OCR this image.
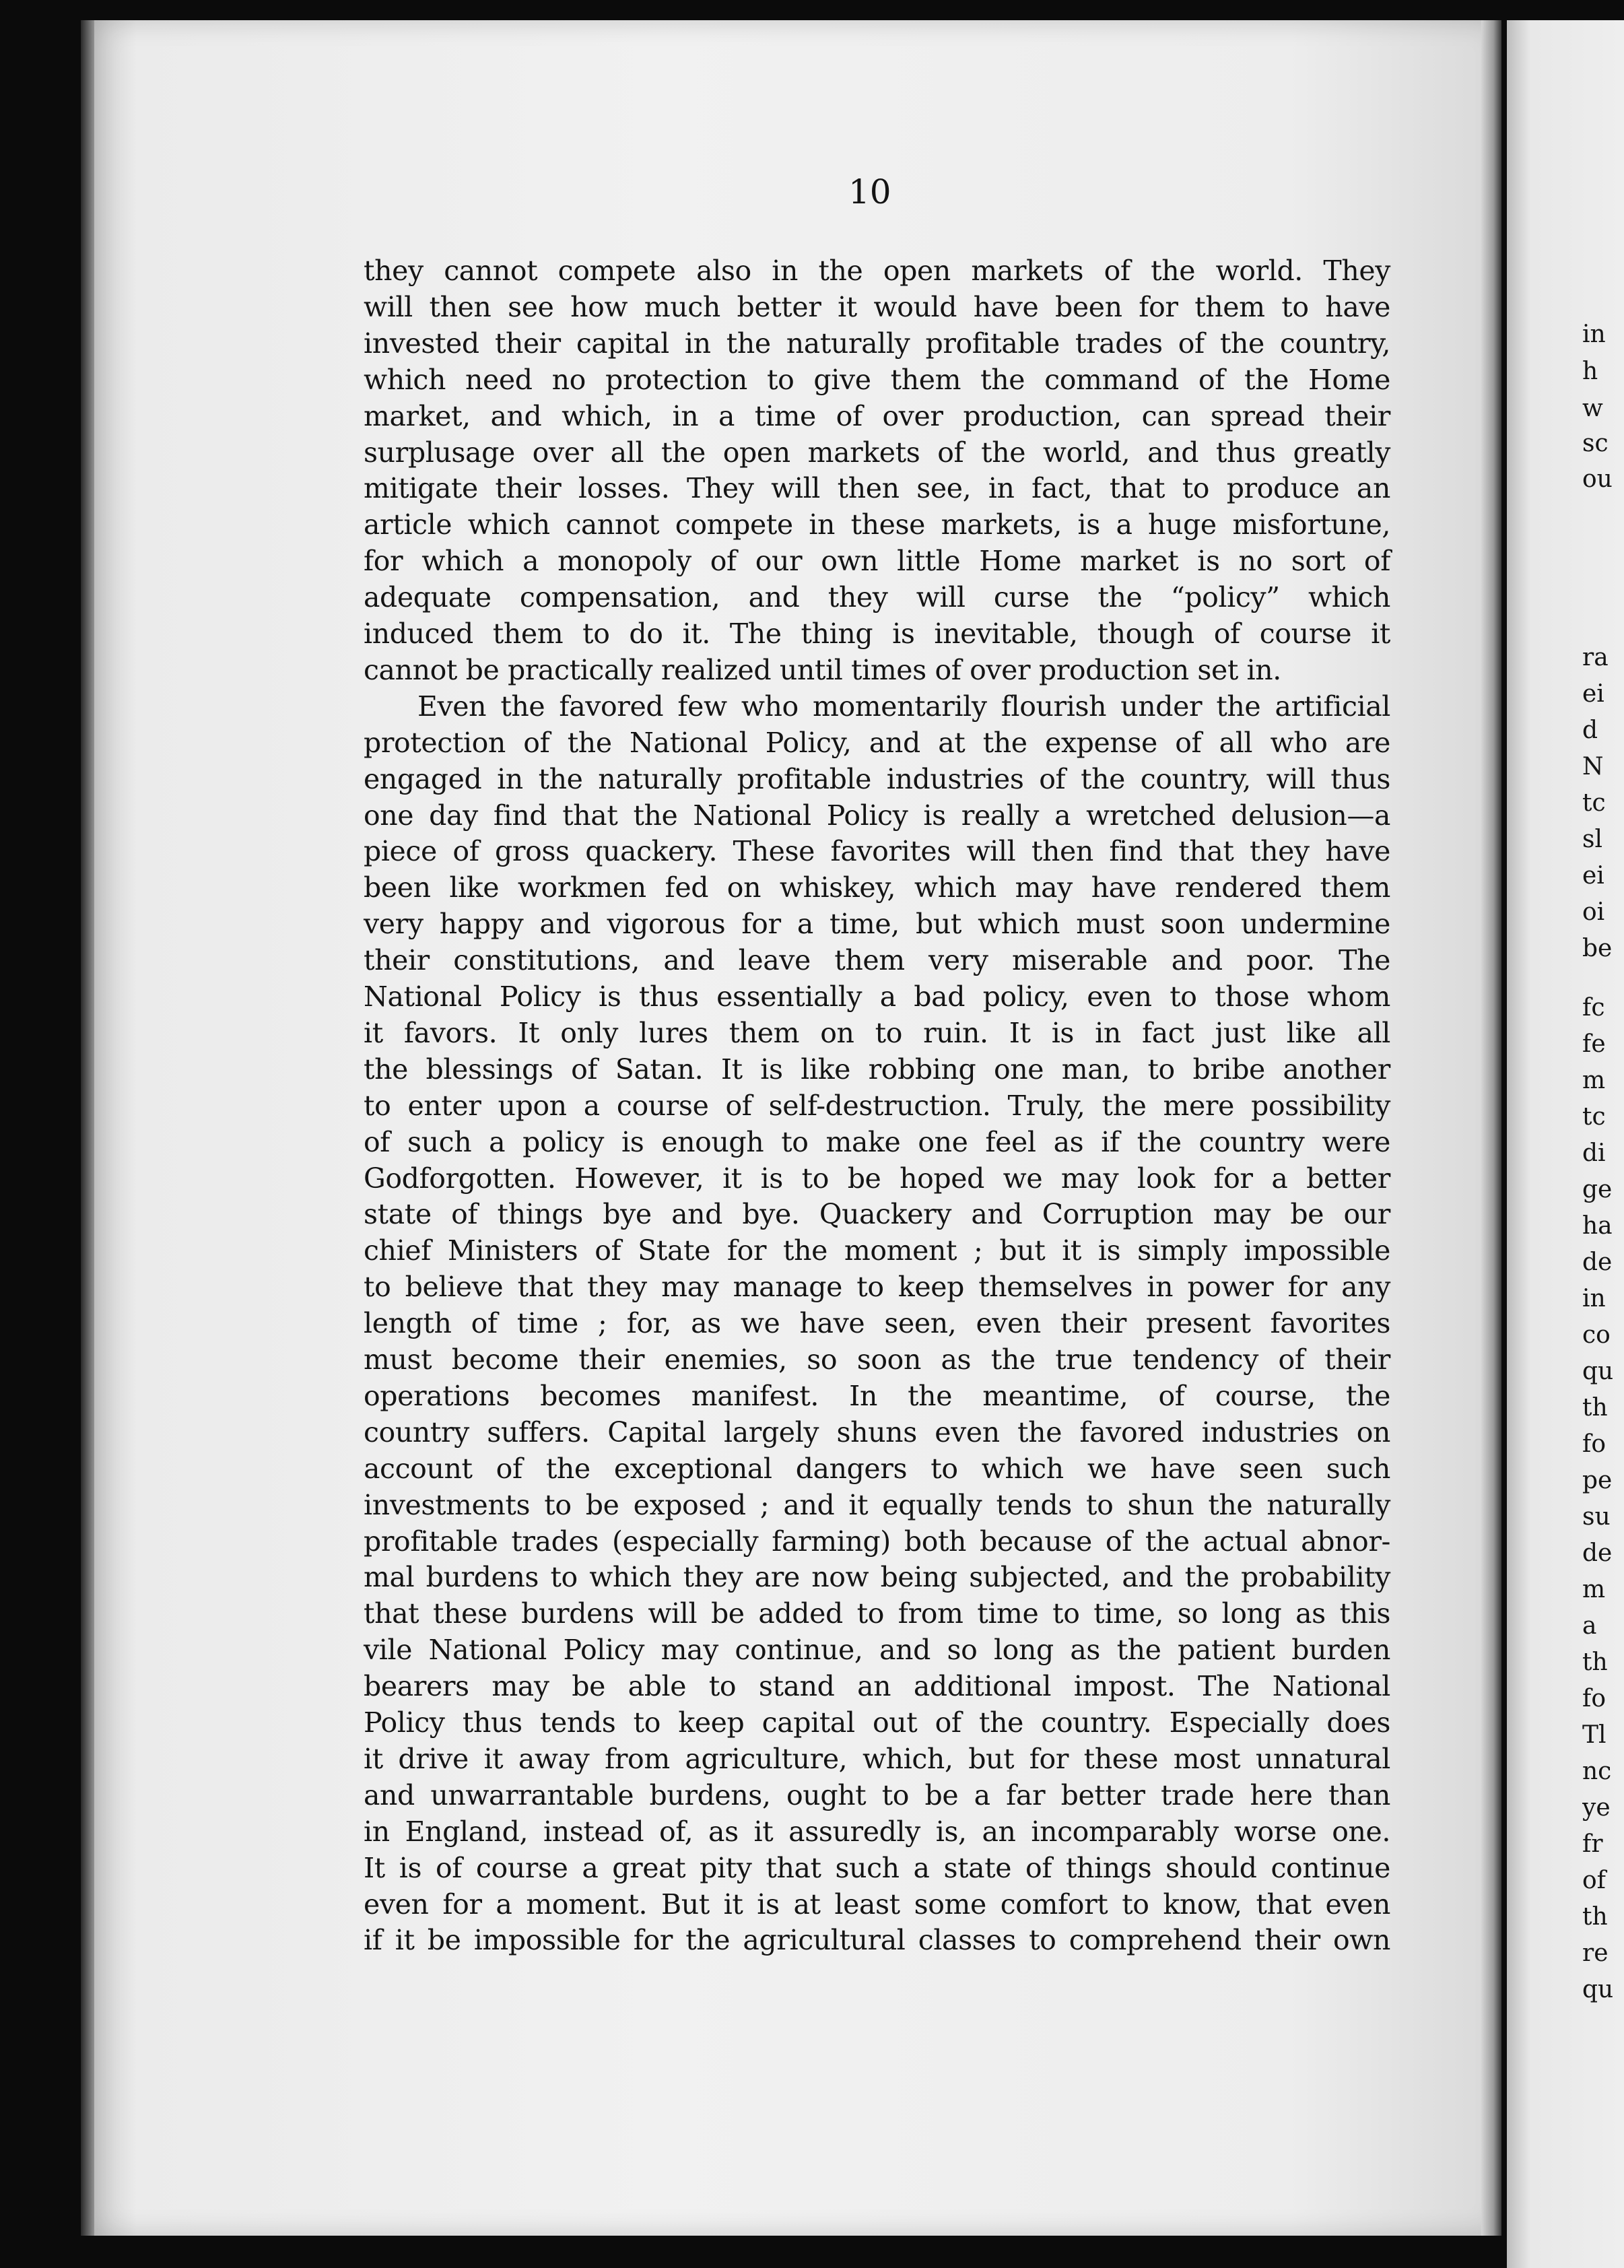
10
they cannot compete also in the open markets of the world. They
will then see how much better it would have been for them to have
invested their capital in the naturally profitable trades of the country,
which need no protection to give them the command of the Home
market, and which, in a time of over production, can spread their
surplusage over all the open markets of the world, and thus greatly
mitigate their losses. They will then see, in fact, that to produce an
article which cannot compete in these markets, is a huge misfortune,
for which a monopoly of our own little Home market is no sort of
adequate compensation, and they will curse the “policy” which
induced them to do it. The thing is inevitable, though of course it
cannot be practically realized until times of over production set in.
Even the favored few who momentarily flourish under the artificial
protection of the National Policy, and at the expense of all who are
engaged in the naturally profitable industries of the country, will thus
one day find that the National Policy is really a wretched delusion—a
piece of gross quackery. These favorites will then find that they have
been like workmen fed on whiskey, which may have rendered them
very happy and vigorous for a time, but which must soon undermine
their constitutions, and leave them very miserable and poor. The
National Policy is thus essentially a bad policy, even to those whom
it favors. It only lures them on to ruin. It is in fact just like all
the blessings of Satan. It is like robbing one man, to bribe another
to enter upon a course of self-destruction. Truly, the mere possibility
of such a policy is enough to make one feel as if the country were
Godforgotten. However, it is to be hoped we may look for a better
state of things bye and bye. Quackery and Corruption may be our
chief Ministers of State for the moment ; but it is simply impossible
to believe that they may manage to keep themselves in power for any
length of time ; for, as we have seen, even their present favorites
must become their enemies, so soon as the true tendency of their
operations becomes manifest. In the meantime, of course, the
country suffers. Capital largely shuns even the favored industries on
account of the exceptional dangers to which we have seen such
investments to be exposed ; and it equally tends to shun the naturally
profitable trades (especially farming) both because of the actual abnor-
mal burdens to which they are now being subjected, and the probability
that these burdens will be added to from time to time, so long as this
vile National Policy may continue, and so long as the patient burden
bearers may be able to stand an additional impost. The National
Policy thus tends to keep capital out of the country. Especially does
it drive it away from agriculture, which, but for these most unnatural
and unwarrantable burdens, ought to be a far better trade here than
in England, instead of, as it assuredly is, an incomparably worse one.
It is of course a great pity that such a state of things should continue
even for a moment. But it is at least some comfort to know, that even
if it be impossible for the agricultural classes to comprehend their own
in
h
w
sc
ou
ra
ei
d
N
tc
sl
ei
oi
be
fc
fe
m
tc
di
ge
ha
de
in
co
qu
th
fo
pe
su
de
m
a
th
fo
Tl
nc
ye
fr
of
th
re
qu
